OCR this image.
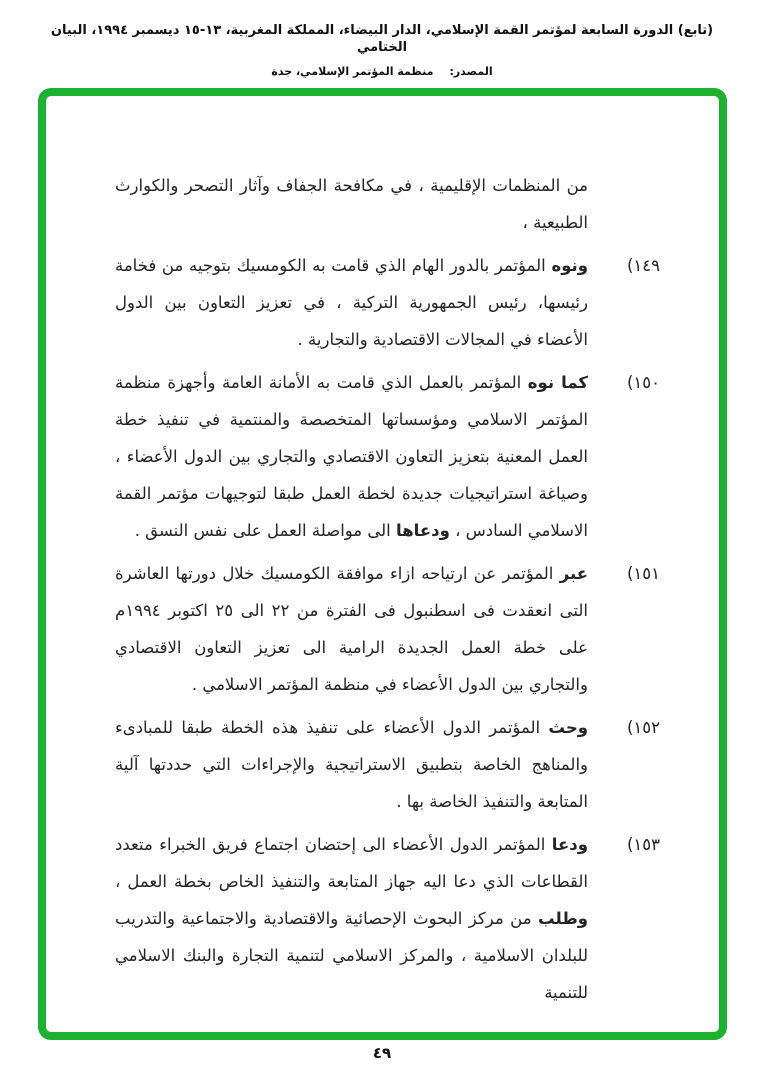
(تابع) الدورة السابعة لمؤتمر القمة الإسلامي، الدار البيضاء، المملكة المغربية، ⁦١٣-١٥⁩ ديسمبر ١٩٩٤، البيان الختامي
المصدر:منظمة المؤتمر الإسلامي، جدة
من المنظمات الإقليمية ، في مكافحة الجفاف وآثار التصحر والكوارث الطبيعية ،
١٤٩)
ونوه المؤتمر بالدور الهام الذي قامت به الكومسيك بتوجيه من فخامة رئيسها، رئيس الجمهورية التركية ، في تعزيز التعاون بين الدول الأعضاء في المجالات الاقتصادية والتجارية .
١٥٠)
كما نوه المؤتمر بالعمل الذي قامت به الأمانة العامة وأجهزة منظمة المؤتمر الاسلامي ومؤسساتها المتخصصة والمنتمية في تنفيذ خطة العمل المعنية بتعزيز التعاون الاقتصادي والتجاري بين الدول الأعضاء ، وصياغة استراتيجيات جديدة لخطة العمل طبقا لتوجيهات مؤتمر القمة الاسلامي السادس ، ودعاها الى مواصلة العمل على نفس النسق .
١٥١)
عبر المؤتمر عن ارتياحه ازاء موافقة الكومسيك خلال دورتها العاشرة التى انعقدت فى اسطنبول فى الفترة من ٢٢ الى ٢٥ اكتوبر ١٩٩٤م على خطة العمل الجديدة الرامية الى تعزيز التعاون الاقتصادي والتجاري بين الدول الأعضاء في منظمة المؤتمر الاسلامي .
١٥٢)
وحث المؤتمر الدول الأعضاء على تنفيذ هذه الخطة طبقا للمبادىء والمناهج الخاصة بتطبيق الاستراتيجية والإجراءات التي حددتها آلية المتابعة والتنفيذ الخاصة بها .
١٥٣)
ودعا المؤتمر الدول الأعضاء الى إحتضان اجتماع فريق الخبراء متعدد القطاعات الذي دعا اليه جهاز المتابعة والتنفيذ الخاص بخطة العمل ، وطلب من مركز البحوث الإحصائية والاقتصادية والاجتماعية والتدريب للبلدان الاسلامية ، والمركز الاسلامي لتنمية التجارة والبنك الاسلامي للتنمية
٤٩
